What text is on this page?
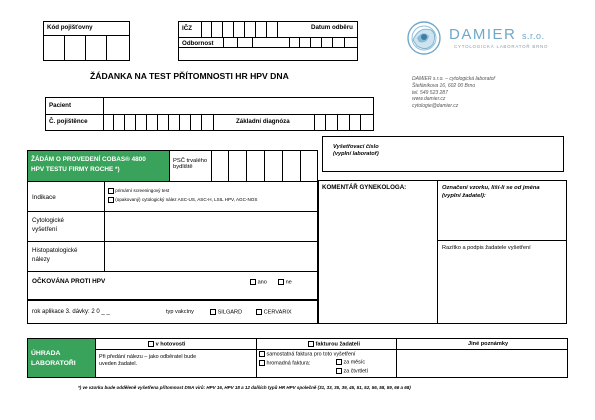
Kód pojišťovny	IČZ	Datum odběru
Odbornost
DAMIER s.r.o.
CYTOLOGICKÁ LABORATOŘ BRNO
ŽÁDANKA NA TEST PŘÍTOMNOSTI HR HPV DNA	DAMIER s.r.o. – cytologická laboratoř
Štefánikova 16, 602 00 Brno
tel. 549 523 287
www.damier.cz
cytologie@damier.cz
Pacient
Č. pojištěnce	Základní diagnóza
Vyšetřovací číslo
(vyplní laboratoř)
ŽÁDÁM O PROVEDENÍ COBAS® 4800
HPV TESTU FIRMY ROCHE *)
PSČ trvalého
bydliště
Indikace
primární screeningový test
(opakovaný) cytologický nález ASC-US, ASC-H, LSIL HPV, AGC-NOS
Cytologické
vyšetření
Histopatologické
nálezy
OČKOVÁNA PROTI HPV	ano	ne
rok aplikace 3. dávky: 2 0 _ _	typ vakcíny	SILGARD	CERVARIX
KOMENTÁŘ GYNEKOLOGA:	Označení vzorku, liší-li se od jména
(vyplní žadatel):
Razítko a podpis žadatele vyšetření
ÚHRADA
LABORATOŘI
v hotovosti	fakturou žadateli	Jiné poznámky
Při předání nálezu – jako odběratel bude
uveden žadatel.
samostatná faktura pro toto vyšetření
hromadná faktura:	za měsíc
za čtvrtletí
*) ve vzorku bude odděleně vyšetřena přítomnost DNA virů: HPV 16, HPV 18 a 12 dalších typů HR HPV společně (31, 33, 35, 39, 45, 51, 52, 56, 58, 59, 66 a 68)
